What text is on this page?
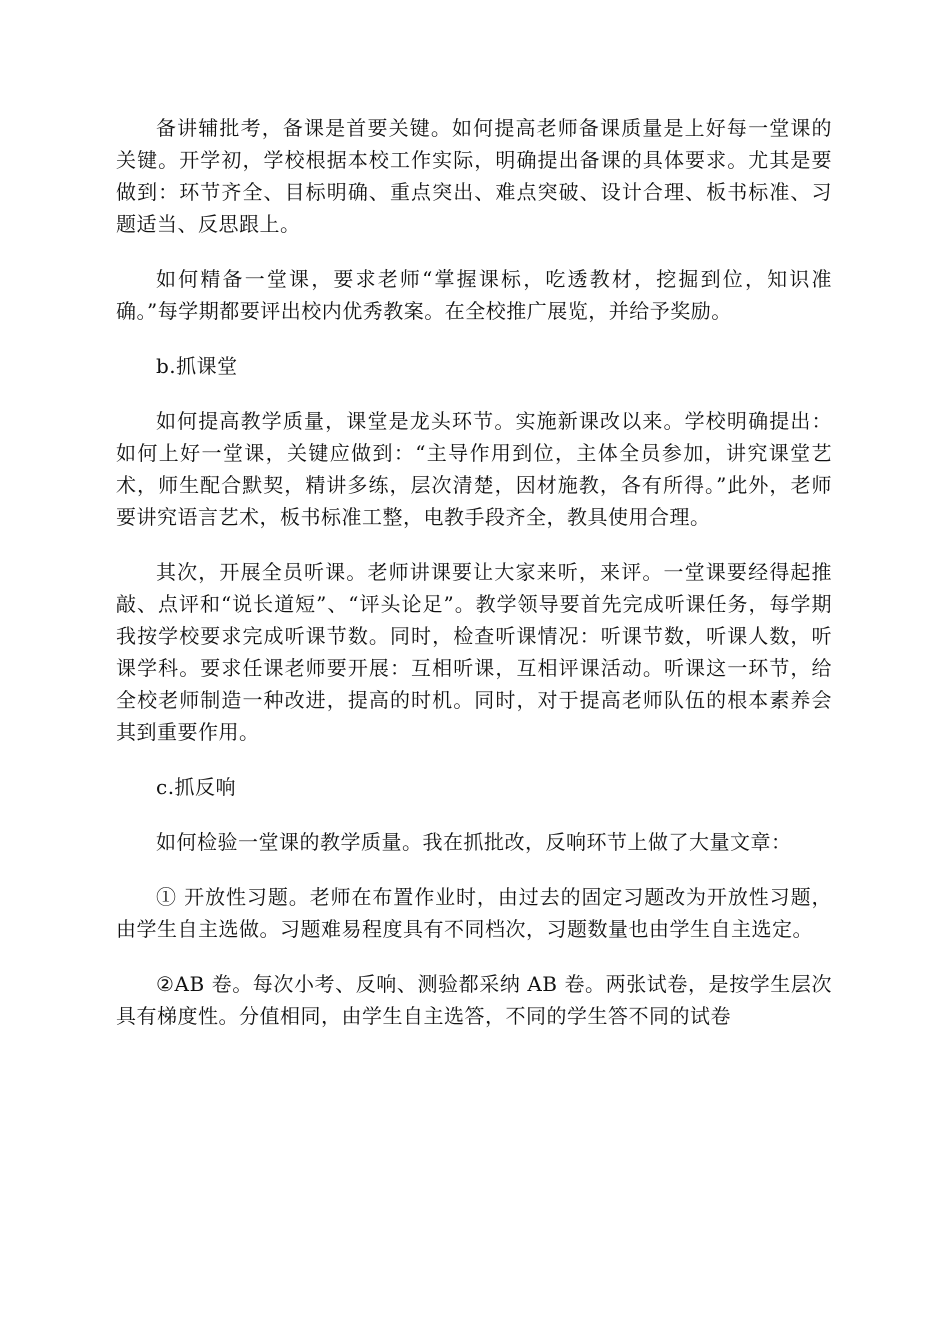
备讲辅批考，备课是首要关键。如何提高老师备课质量是上好每一堂课的关键。开学初，学校根据本校工作实际，明确提出备课的具体要求。尤其是要做到：环节齐全、目标明确、重点突出、难点突破、设计合理、板书标准、习题适当、反思跟上。

如何精备一堂课，要求老师“掌握课标，吃透教材，挖掘到位，知识准确。”每学期都要评出校内优秀教案。在全校推广展览，并给予奖励。

b.抓课堂

如何提高教学质量，课堂是龙头环节。实施新课改以来。学校明确提出：如何上好一堂课，关键应做到：“主导作用到位，主体全员参加，讲究课堂艺术，师生配合默契，精讲多练，层次清楚，因材施教，各有所得。”此外，老师要讲究语言艺术，板书标准工整，电教手段齐全，教具使用合理。

其次，开展全员听课。老师讲课要让大家来听，来评。一堂课要经得起推敲、点评和“说长道短”、“评头论足”。教学领导要首先完成听课任务，每学期我按学校要求完成听课节数。同时，检查听课情况：听课节数，听课人数，听课学科。要求任课老师要开展：互相听课，互相评课活动。听课这一环节，给全校老师制造一种改进，提高的时机。同时，对于提高老师队伍的根本素养会其到重要作用。

c.抓反响

如何检验一堂课的教学质量。我在抓批改，反响环节上做了大量文章：

① 开放性习题。老师在布置作业时，由过去的固定习题改为开放性习题，由学生自主选做。习题难易程度具有不同档次，习题数量也由学生自主选定。

②AB 卷。每次小考、反响、测验都采纳 AB 卷。两张试卷，是按学生层次具有梯度性。分值相同，由学生自主选答，不同的学生答不同的试卷
